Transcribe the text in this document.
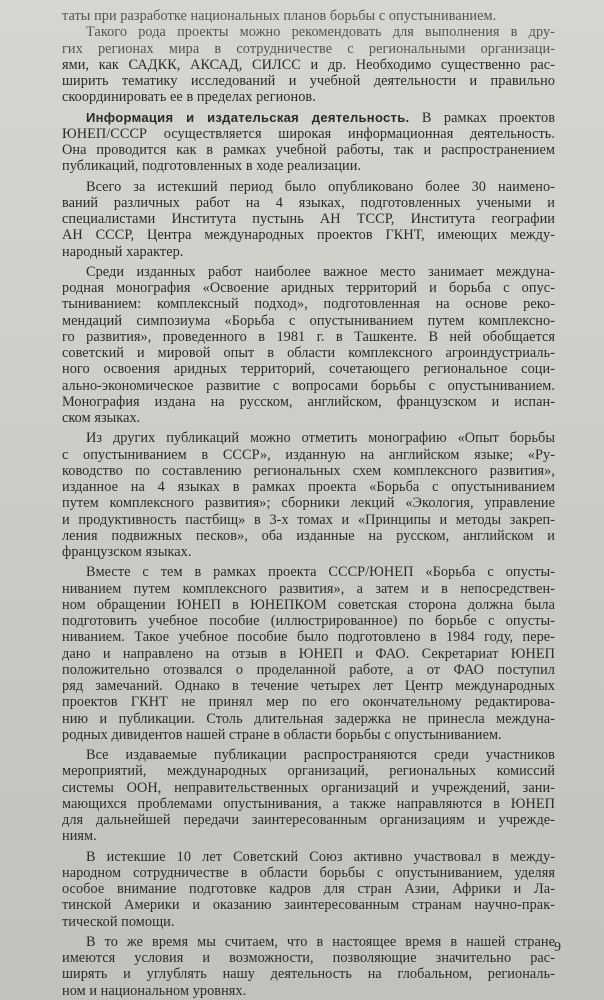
таты при разработке национальных планов борьбы с опустыниванием.
Такого рода проекты можно рекомендовать для выполнения в дру-
гих регионах мира в сотрудничестве с региональными организаци-
ями, как САДКК, АКСАД, СИЛСС и др. Необходимо существенно рас-
ширить тематику исследований и учебной деятельности и правильно
скоординировать ее в пределах регионов.
Информация и издательская деятельность. В рамках проектов
ЮНЕП/СССР осуществляется широкая информационная деятельность.
Она проводится как в рамках учебной работы, так и распространением
публикаций, подготовленных в ходе реализации.
Всего за истекший период было опубликовано более 30 наимено-
ваний различных работ на 4 языках, подготовленных учеными и
специалистами Института пустынь АН ТССР, Института географии
АН СССР, Центра международных проектов ГКНТ, имеющих между-
народный характер.
Среди изданных работ наиболее важное место занимает междуна-
родная монография «Освоение аридных территорий и борьба с опус-
тыниванием: комплексный подход», подготовленная на основе реко-
мендаций симпозиума «Борьба с опустыниванием путем комплексно-
го развития», проведенного в 1981 г. в Ташкенте. В ней обобщается
советский и мировой опыт в области комплексного агроиндустриаль-
ного освоения аридных территорий, сочетающего региональное соци-
ально-экономическое развитие с вопросами борьбы с опустыниванием.
Монография издана на русском, английском, французском и испан-
ском языках.
Из других публикаций можно отметить монографию «Опыт борьбы
с опустыниванием в СССР», изданную на английском языке; «Ру-
ководство по составлению региональных схем комплексного развития»,
изданное на 4 языках в рамках проекта «Борьба с опустыниванием
путем комплексного развития»; сборники лекций «Экология, управление
и продуктивность пастбищ» в 3-х томах и «Принципы и методы закреп-
ления подвижных песков», оба изданные на русском, английском и
французском языках.
Вместе с тем в рамках проекта СССР/ЮНЕП «Борьба с опусты-
ниванием путем комплексного развития», а затем и в непосредствен-
ном обращении ЮНЕП в ЮНЕПКОМ советская сторона должна была
подготовить учебное пособие (иллюстрированное) по борьбе с опусты-
ниванием. Такое учебное пособие было подготовлено в 1984 году, пере-
дано и направлено на отзыв в ЮНЕП и ФАО. Секретариат ЮНЕП
положительно отозвался о проделанной работе, а от ФАО поступил
ряд замечаний. Однако в течение четырех лет Центр международных
проектов ГКНТ не принял мер по его окончательному редактирова-
нию и публикации. Столь длительная задержка не принесла междуна-
родных дивидентов нашей стране в области борьбы с опустыниванием.
Все издаваемые публикации распространяются среди участников
мероприятий, международных организаций, региональных комиссий
системы ООН, неправительственных организаций и учреждений, зани-
мающихся проблемами опустынивания, а также направляются в ЮНЕП
для дальнейшей передачи заинтересованным организациям и учрежде-
ниям.
В истекшие 10 лет Советский Союз активно участвовал в между-
народном сотрудничестве в области борьбы с опустыниванием, уделяя
особое внимание подготовке кадров для стран Азии, Африки и Ла-
тинской Америки и оказанию заинтересованным странам научно-прак-
тической помощи.
В то же время мы считаем, что в настоящее время в нашей стране
имеются условия и возможности, позволяющие значительно рас-
ширять и углублять нашу деятельность на глобальном, региональ-
ном и национальном уровнях.
9
